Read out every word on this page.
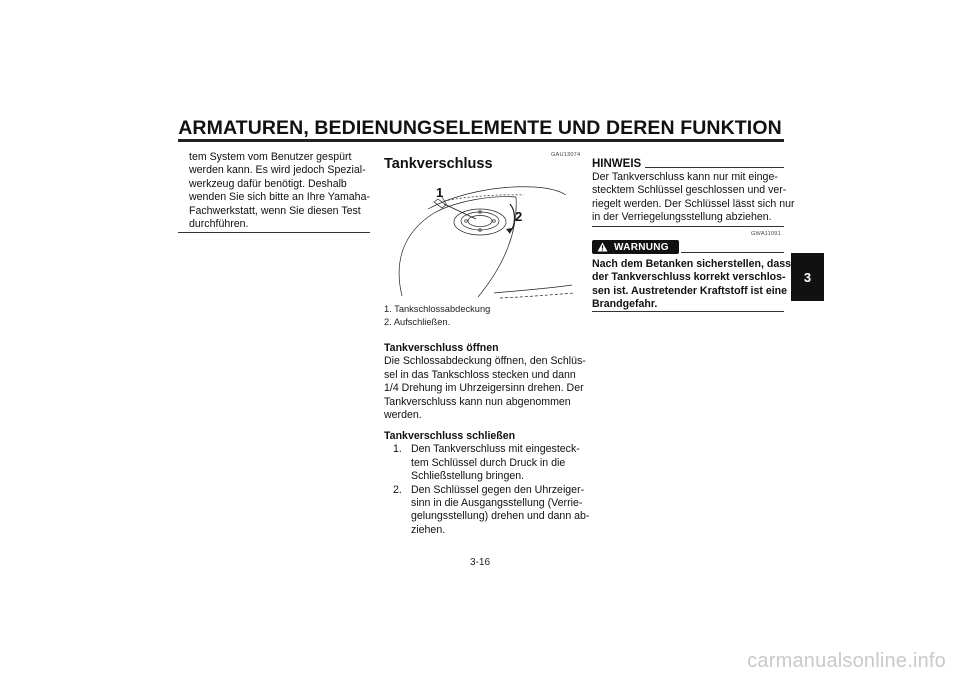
ARMATUREN, BEDIENUNGSELEMENTE UND DEREN FUNKTION
3
tem System vom Benutzer gespürt
werden kann. Es wird jedoch Spezial-
werkzeug dafür benötigt. Deshalb
wenden Sie sich bitte an Ihre Yamaha-
Fachwerkstatt, wenn Sie diesen Test
durchführen.
GAU13074
Tankverschluss
1
2
1. Tankschlossabdeckung
2. Aufschließen.
Tankverschluss öffnen
Die Schlossabdeckung öffnen, den Schlüs-
sel in das Tankschloss stecken und dann
1/4 Drehung im Uhrzeigersinn drehen. Der
Tankverschluss kann nun abgenommen
werden.
Tankverschluss schließen
1. Den Tankverschluss mit eingesteck-
tem Schlüssel durch Druck in die
Schließstellung bringen.
2. Den Schlüssel gegen den Uhrzeiger-
sinn in die Ausgangsstellung (Verrie-
gelungsstellung) drehen und dann ab-
ziehen.
HINWEIS
Der Tankverschluss kann nur mit einge-
stecktem Schlüssel geschlossen und ver-
riegelt werden. Der Schlüssel lässt sich nur
in der Verriegelungsstellung abziehen.
GWA11091
WARNUNG
Nach dem Betanken sicherstellen, dass
der Tankverschluss korrekt verschlos-
sen ist. Austretender Kraftstoff ist eine
Brandgefahr.
3-16
carmanualsonline.info
